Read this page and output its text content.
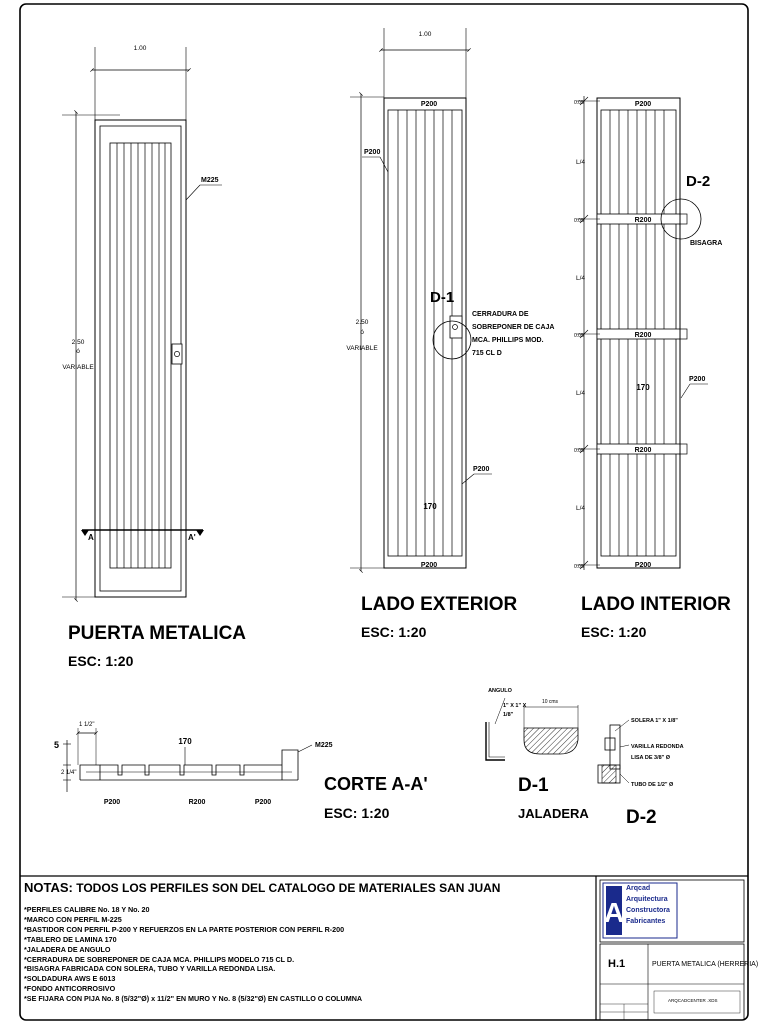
1.00
2.50
ó
VARIABLE
M225
A	A'
PUERTA METALICA
ESC: 1:20
1.00
2.50
ó
VARIABLE
P200
P200
P200
P200
170
D-1
CERRADURA DE
SOBREPONER DE CAJA
MCA. PHILLIPS MOD.
715 CL D
LADO EXTERIOR
ESC: 1:20
P200
P200
R200
R200
R200
170
P200
0.05
0.05
0.05
0.05
0.05
L/4
L/4
L/4
L/4
D-2
BISAGRA
LADO INTERIOR
ESC: 1:20
1 1/2"
5
2 1/4"
170	M225
P200	R200	P200
CORTE A-A'
ESC: 1:20
ANGULO
1" X 1" X
1/8"
10 cms
D-1
JALADERA
SOLERA 1" X 1/8"
VARILLA REDONDA
LISA DE 3/8" Ø
TUBO DE 1/2" Ø
D-2
A
NOTAS: TODOS LOS PERFILES SON DEL CATALOGO DE MATERIALES SAN JUAN
*PERFILES CALIBRE No. 18 Y No. 20
*MARCO CON PERFIL M-225
*BASTIDOR CON PERFIL P-200 Y REFUERZOS EN LA PARTE POSTERIOR CON PERFIL R-200
*TABLERO DE LAMINA 170
*JALADERA DE ANGULO
*CERRADURA DE SOBREPONER DE CAJA MCA. PHILLIPS MODELO 715 CL D.
*BISAGRA FABRICADA CON SOLERA, TUBO Y VARILLA REDONDA LISA.
*SOLDADURA AWS E 6013
*FONDO ANTICORROSIVO
*SE FIJARA CON PIJA No. 8 (5/32"Ø) x 11/2" EN MURO Y No. 8 (5/32"Ø) EN CASTILLO O COLUMNA
Arqcad
Arquitectura
Constructora
Fabricantes
H.1	PUERTA METALICA (HERRERIA)
ARQCADCENTER .XDS
